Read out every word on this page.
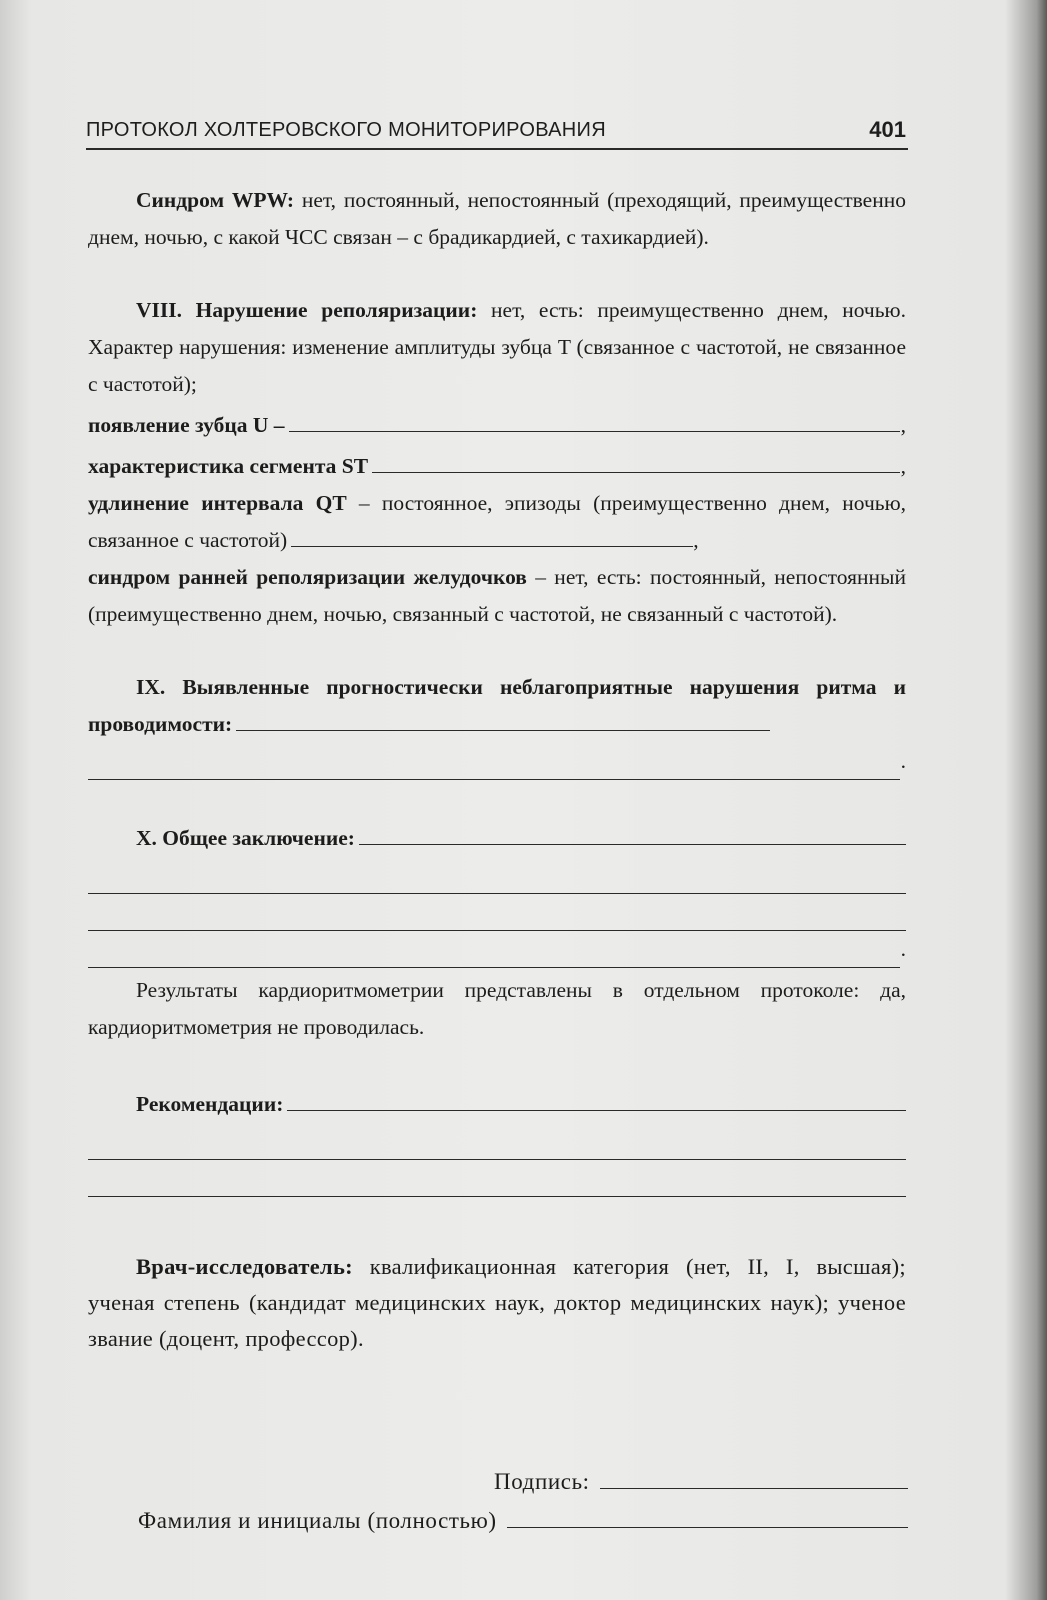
ПРОТОКОЛ ХОЛТЕРОВСКОГО МОНИТОРИРОВАНИЯ	401

Синдром WPW: нет, постоянный, непостоянный (преходящий, преимущественно днем, ночью, с какой ЧСС связан – с брадикардией, с тахикардией).

VIII. Нарушение реполяризации: нет, есть: преимущественно днем, ночью. Характер нарушения: изменение амплитуды зубца T (связанное с частотой, не связанное с частотой);

появление зубца U –	,
характеристика сегмента ST	,

удлинение интервала QT – постоянное, эпизоды (преимущественно днем, ночью, связанное с частотой)	,

синдром ранней реполяризации желудочков – нет, есть: постоянный, непостоянный (преимущественно днем, ночью, связанный с частотой, не связанный с частотой).

IX. Выявленные прогностически неблагоприятные нарушения ритма и проводимости:

.
X. Общее заключение:
.

Результаты кардиоритмометрии представлены в отдельном протоколе: да, кардиоритмометрия не проводилась.

Рекомендации:

Врач-исследователь: квалификационная категория (нет, II, I, высшая); ученая степень (кандидат медицинских наук, доктор медицинских наук); ученое звание (доцент, профессор).

Подпись:
Фамилия и инициалы (полностью)
